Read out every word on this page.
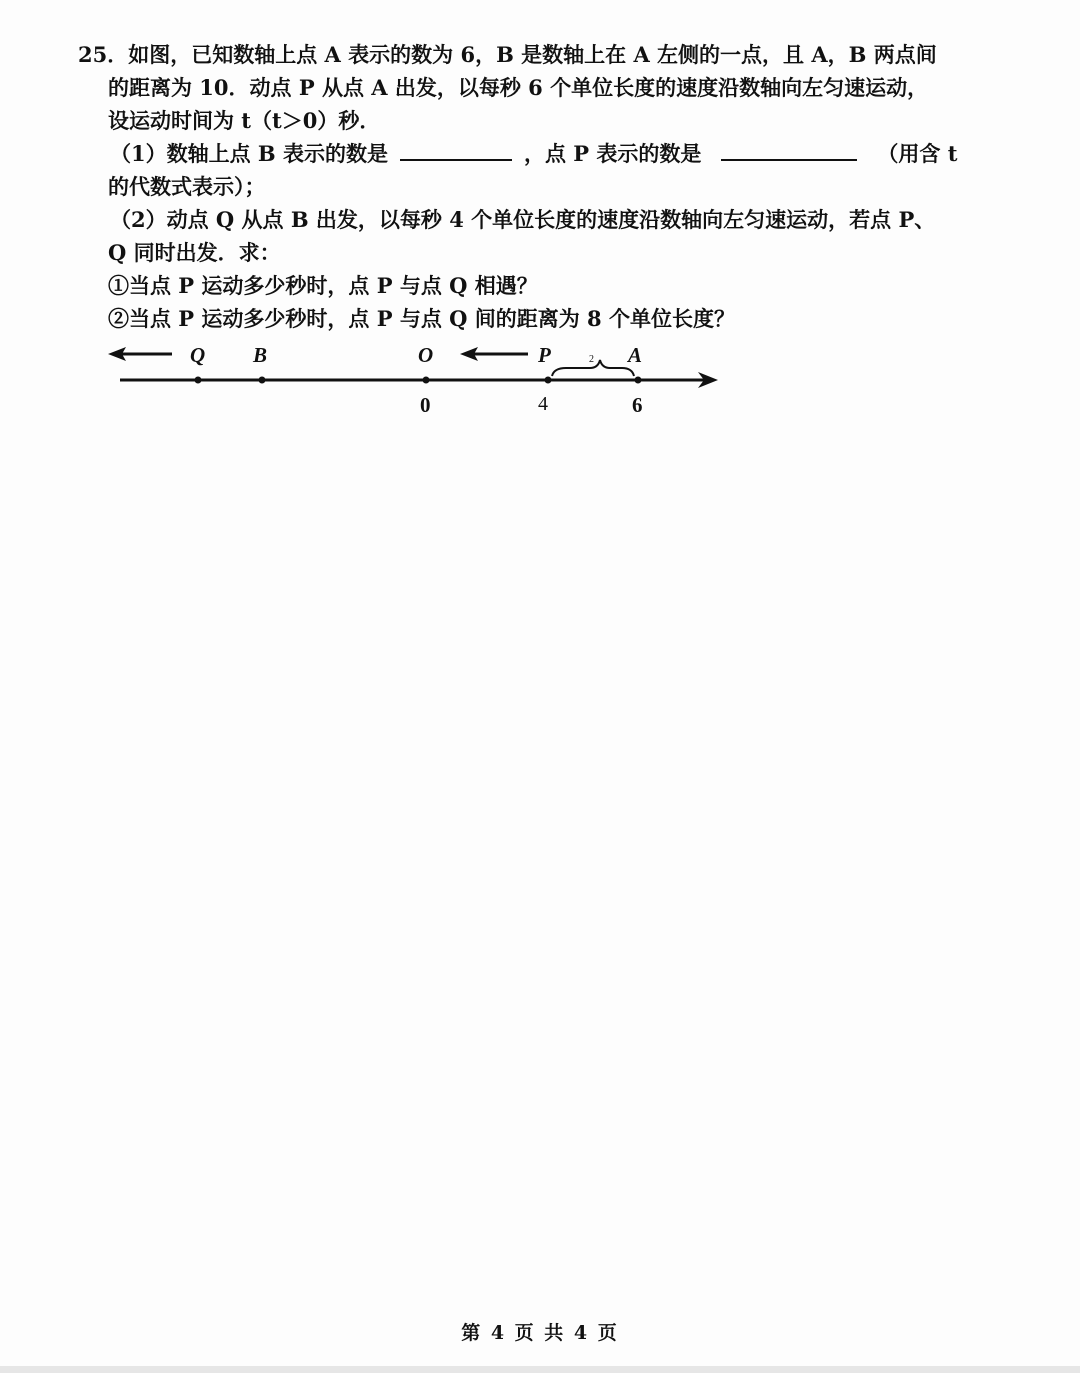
25．如图，已知数轴上点 A 表示的数为 6，B 是数轴上在 A 左侧的一点，且 A，B 两点间
的距离为 10．动点 P 从点 A 出发，以每秒 6 个单位长度的速度沿数轴向左匀速运动，
设运动时间为 t（t＞0）秒．
（1）数轴上点 B 表示的数是	，点 P 表示的数是	（用含 t
的代数式表示）；
（2）动点 Q 从点 B 出发，以每秒 4 个单位长度的速度沿数轴向左匀速运动，若点 P、
Q 同时出发．求：
①当点 P 运动多少秒时，点 P 与点 Q 相遇？
②当点 P 运动多少秒时，点 P 与点 Q 间的距离为 8 个单位长度？
Q B	O	P	2 A
0	4	6
第 4 页 共 4 页
